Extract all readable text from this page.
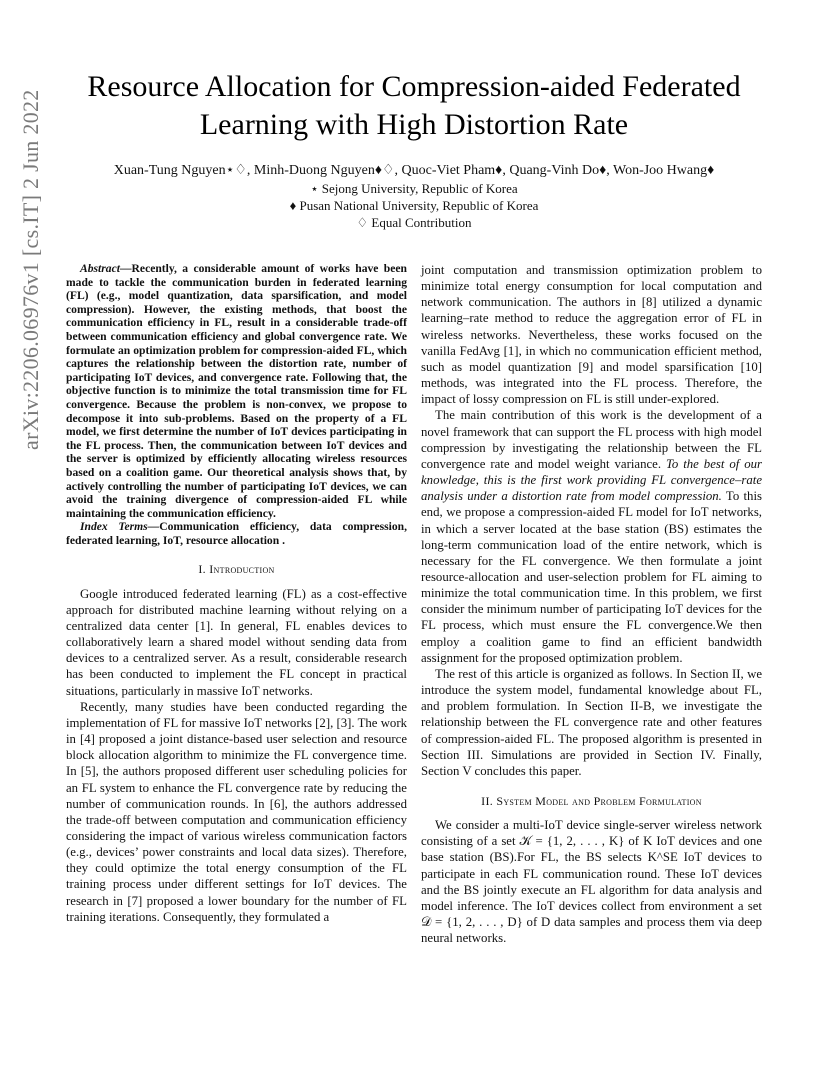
Resource Allocation for Compression-aided Federated Learning with High Distortion Rate
Xuan-Tung Nguyen⋆♢, Minh-Duong Nguyen♦♢, Quoc-Viet Pham♦, Quang-Vinh Do♦, Won-Joo Hwang♦
⋆ Sejong University, Republic of Korea
♦ Pusan National University, Republic of Korea
♢ Equal Contribution
arXiv:2206.06976v1 [cs.IT] 2 Jun 2022	Abstract—Recently, a considerable amount of works have been made to tackle the communication burden in federated learning (FL) (e.g., model quantization, data sparsification, and model compression). However, the existing methods, that boost the communication efficiency in FL, result in a considerable trade-off between communication efficiency and global convergence rate. We formulate an optimization problem for compression-aided FL, which captures the relationship between the distortion rate, number of participating IoT devices, and convergence rate. Following that, the objective function is to minimize the total transmission time for FL convergence. Because the problem is non-convex, we propose to decompose it into sub-problems. Based on the property of a FL model, we first determine the number of IoT devices participating in the FL process. Then, the communication between IoT devices and the server is optimized by efficiently allocating wireless resources based on a coalition game. Our theoretical analysis shows that, by actively controlling the number of participating IoT devices, we can avoid the training divergence of compression-aided FL while maintaining the communication efficiency.

Index Terms—Communication efficiency, data compression, federated learning, IoT, resource allocation .

I. Introduction

Google introduced federated learning (FL) as a cost-effective approach for distributed machine learning without relying on a centralized data center [1]. In general, FL enables devices to collaboratively learn a shared model without sending data from devices to a centralized server. As a result, considerable research has been conducted to implement the FL concept in practical situations, particularly in massive IoT networks.

Recently, many studies have been conducted regarding the implementation of FL for massive IoT networks [2], [3]. The work in [4] proposed a joint distance-based user selection and resource block allocation algorithm to minimize the FL convergence time. In [5], the authors proposed different user scheduling policies for an FL system to enhance the FL convergence rate by reducing the number of communication rounds. In [6], the authors addressed the trade-off between computation and communication efficiency considering the impact of various wireless communication factors (e.g., devices’ power constraints and local data sizes). Therefore, they could optimize the total energy consumption of the FL training process under different settings for IoT devices. The research in [7] proposed a lower boundary for the number of FL training iterations. Consequently, they formulated a

joint computation and transmission optimization problem to minimize total energy consumption for local computation and network communication. The authors in [8] utilized a dynamic learning–rate method to reduce the aggregation error of FL in wireless networks. Nevertheless, these works focused on the vanilla FedAvg [1], in which no communication efficient method, such as model quantization [9] and model sparsification [10] methods, was integrated into the FL process. Therefore, the impact of lossy compression on FL is still under-explored.

The main contribution of this work is the development of a novel framework that can support the FL process with high model compression by investigating the relationship between the FL convergence rate and model weight variance. To the best of our knowledge, this is the first work providing FL convergence–rate analysis under a distortion rate from model compression. To this end, we propose a compression-aided FL model for IoT networks, in which a server located at the base station (BS) estimates the long-term communication load of the entire network, which is necessary for the FL convergence. We then formulate a joint resource-allocation and user-selection problem for FL aiming to minimize the total communication time. In this problem, we first consider the minimum number of participating IoT devices for the FL process, which must ensure the FL convergence.We then employ a coalition game to find an efficient bandwidth assignment for the proposed optimization problem.

The rest of this article is organized as follows. In Section II, we introduce the system model, fundamental knowledge about FL, and problem formulation. In Section II-B, we investigate the relationship between the FL convergence rate and other features of compression-aided FL. The proposed algorithm is presented in Section III. Simulations are provided in Section IV. Finally, Section V concludes this paper.

II. System Model and Problem Formulation

We consider a multi-IoT device single-server wireless network consisting of a set 𝒦 = {1, 2, . . . , K} of K IoT devices and one base station (BS).For FL, the BS selects K^SE IoT devices to participate in each FL communication round. These IoT devices and the BS jointly execute an FL algorithm for data analysis and model inference. The IoT devices collect from environment a set 𝒟 = {1, 2, . . . , D} of D data samples and process them via deep neural networks.
